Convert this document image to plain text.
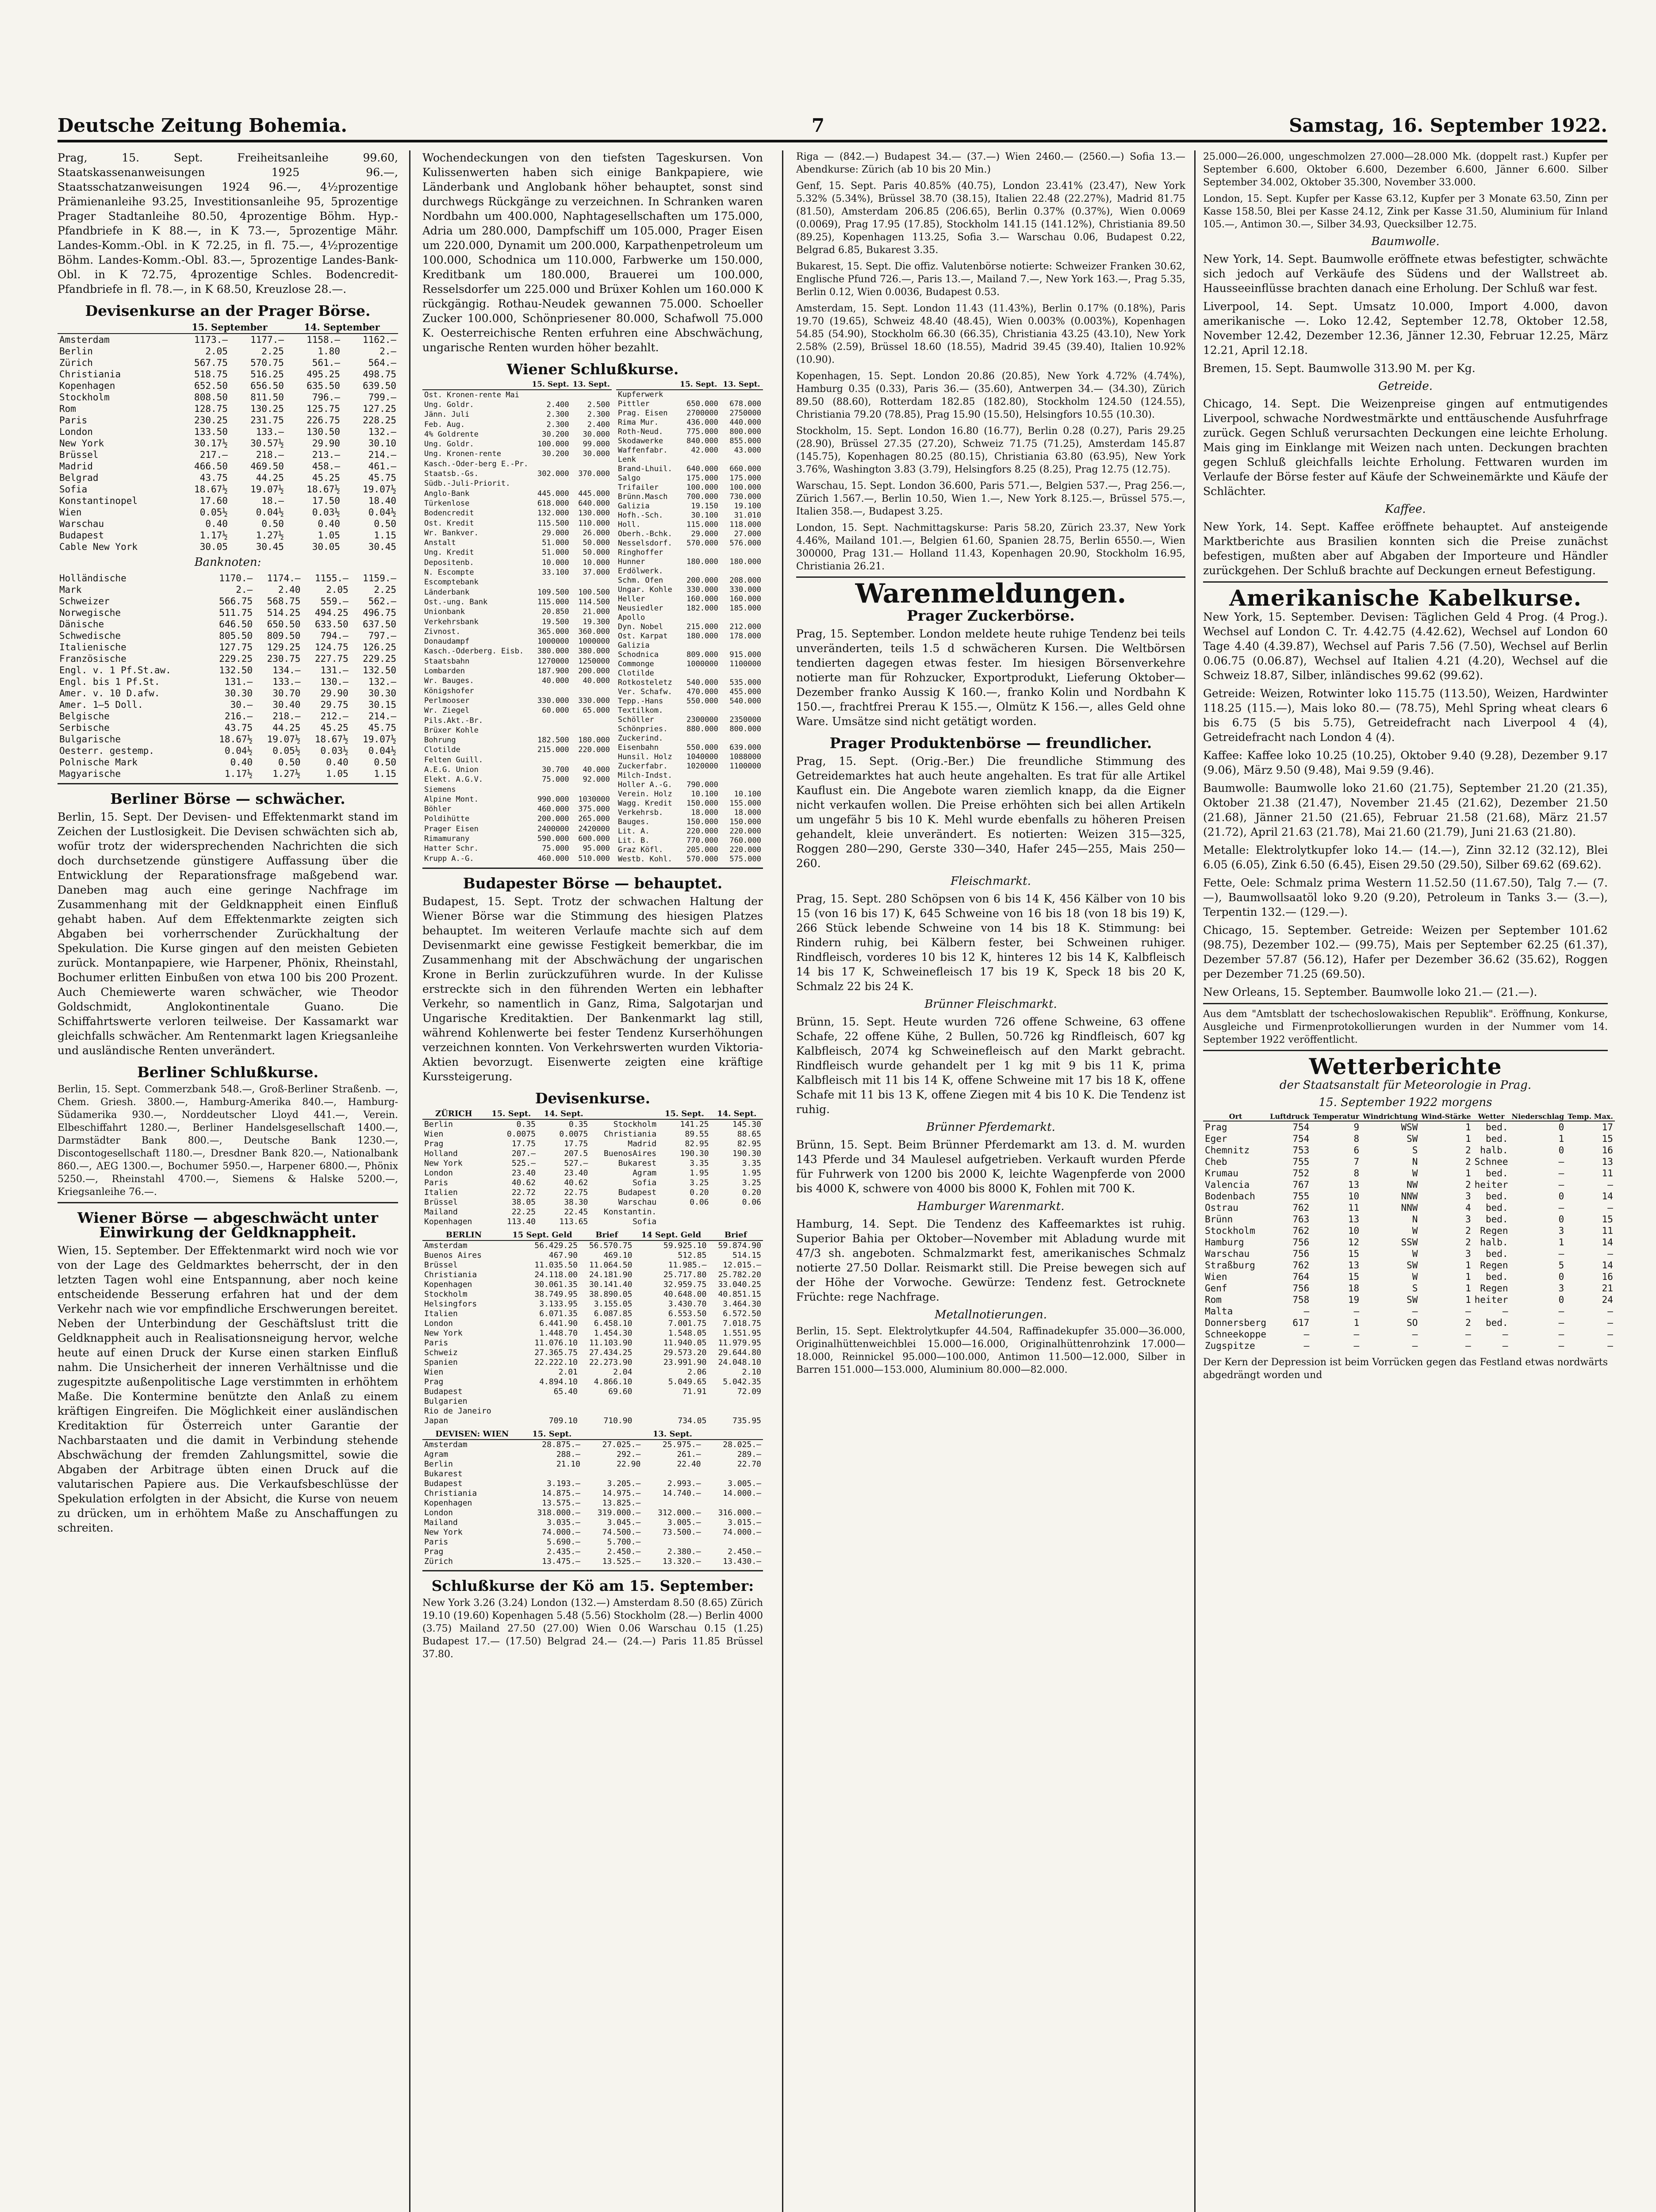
Deutsche Zeitung Bohemia.	7	Samstag, 16. September 1922.

Prag, 15. Sept. Freiheitsanleihe 99.60, Staatskassenanweisungen 1925 96.—, Staatsschatzanweisungen 1924 96.—, 4½prozentige Prämienanleihe 93.25, Investitionsanleihe 95, 5prozentige Prager Stadtanleihe 80.50, 4prozentige Böhm. Hyp.-Pfandbriefe in K 88.—, in K 73.—, 5prozentige Mähr. Landes-Komm.-Obl. in K 72.25, in fl. 75.—, 4½prozentige Böhm. Landes-Komm.-Obl. 83.—, 5prozentige Landes-Bank-Obl. in K 72.75, 4prozentige Schles. Bodencredit-Pfandbriefe in fl. 78.—, in K 68.50, Kreuzlose 28.—.

Devisenkurse an der Prager Börse.
	15. September		14. September	
Amsterdam	1173.—	1177.—	1158.—	1162.—
Berlin	2.05	2.25	1.80	2.—
Zürich	567.75	570.75	561.—	564.—
Christiania	518.75	516.25	495.25	498.75
Kopenhagen	652.50	656.50	635.50	639.50
Stockholm	808.50	811.50	796.—	799.—
Rom	128.75	130.25	125.75	127.25
Paris	230.25	231.75	226.75	228.25
London	133.50	133.—	130.50	132.—
New York	30.17½	30.57½	29.90	30.10
Brüssel	217.—	218.—	213.—	214.—
Madrid	466.50	469.50	458.—	461.—
Belgrad	43.75	44.25	45.25	45.75
Sofia	18.67½	19.07½	18.67½	19.07½
Konstantinopel	17.60	18.—	17.50	18.40
Wien	0.05½	0.04½	0.03½	0.04½
Warschau	0.40	0.50	0.40	0.50
Budapest	1.17½	1.27½	1.05	1.15
Cable New York	30.05	30.45	30.05	30.45
Banknoten:
Holländische	1170.—	1174.—	1155.—	1159.—
Mark	2.—	2.40	2.05	2.25
Schweizer	566.75	568.75	559.—	562.—
Norwegische	511.75	514.25	494.25	496.75
Dänische	646.50	650.50	633.50	637.50
Schwedische	805.50	809.50	794.—	797.—
Italienische	127.75	129.25	124.75	126.25
Französische	229.25	230.75	227.75	229.25
Engl. v. 1 Pf.St.aw.	132.50	134.—	131.—	132.50
Engl. bis 1 Pf.St.	131.—	133.—	130.—	132.—
Amer. v. 10 D.afw.	30.30	30.70	29.90	30.30
Amer. 1—5 Doll.	30.—	30.40	29.75	30.15
Belgische	216.—	218.—	212.—	214.—
Serbische	43.75	44.25	45.25	45.75
Bulgarische	18.67½	19.07½	18.67½	19.07½
Oesterr. gestemp.	0.04½	0.05½	0.03½	0.04½
Polnische Mark	0.40	0.50	0.40	0.50
Magyarische	1.17½	1.27½	1.05	1.15
Berliner Börse — schwächer.

Berlin, 15. Sept. Der Devisen- und Effektenmarkt stand im Zeichen der Lustlosigkeit. Die Devisen schwächten sich ab, wofür trotz der widersprechenden Nachrichten die sich doch durchsetzende günstigere Auffassung über die Entwicklung der Reparationsfrage maßgebend war. Daneben mag auch eine geringe Nachfrage im Zusammenhang mit der Geldknappheit einen Einfluß gehabt haben. Auf dem Effektenmarkte zeigten sich Abgaben bei vorherrschender Zurückhaltung der Spekulation. Die Kurse gingen auf den meisten Gebieten zurück. Montanpapiere, wie Harpener, Phönix, Rheinstahl, Bochumer erlitten Einbußen von etwa 100 bis 200 Prozent. Auch Chemiewerte waren schwächer, wie Theodor Goldschmidt, Anglokontinentale Guano. Die Schiffahrtswerte verloren teilweise. Der Kassamarkt war gleichfalls schwächer. Am Rentenmarkt lagen Kriegsanleihe und ausländische Renten unverändert.

Berliner Schlußkurse.

Berlin, 15. Sept. Commerzbank 548.—, Groß-Berliner Straßenb. —, Chem. Griesh. 3800.—, Hamburg-Amerika 840.—, Hamburg-Südamerika 930.—, Norddeutscher Lloyd 441.—, Verein. Elbeschiffahrt 1280.—, Berliner Handelsgesellschaft 1400.—, Darmstädter Bank 800.—, Deutsche Bank 1230.—, Discontogesellschaft 1180.—, Dresdner Bank 820.—, Nationalbank 860.—, AEG 1300.—, Bochumer 5950.—, Harpener 6800.—, Phönix 5250.—, Rheinstahl 4700.—, Siemens & Halske 5200.—, Kriegsanleihe 76.—.

Wiener Börse — abgeschwächt unter Einwirkung der Geldknappheit.

Wien, 15. September. Der Effektenmarkt wird noch wie vor von der Lage des Geldmarktes beherrscht, der in den letzten Tagen wohl eine Entspannung, aber noch keine entscheidende Besserung erfahren hat und der dem Verkehr nach wie vor empfindliche Erschwerungen bereitet. Neben der Unterbindung der Geschäftslust tritt die Geldknappheit auch in Realisationsneigung hervor, welche heute auf einen Druck der Kurse einen starken Einfluß nahm. Die Unsicherheit der inneren Verhältnisse und die zugespitzte außenpolitische Lage verstimmten in erhöhtem Maße. Die Kontermine benützte den Anlaß zu einem kräftigen Eingreifen. Die Möglichkeit einer ausländischen Kreditaktion für Österreich unter Garantie der Nachbarstaaten und die damit in Verbindung stehende Abschwächung der fremden Zahlungsmittel, sowie die Abgaben der Arbitrage übten einen Druck auf die valutarischen Papiere aus. Die Verkaufsbeschlüsse der Spekulation erfolgten in der Absicht, die Kurse von neuem zu drücken, um in erhöhtem Maße zu Anschaffungen zu schreiten.

Wochendeckungen von den tiefsten Tageskursen. Von Kulissenwerten haben sich einige Bankpapiere, wie Länderbank und Anglobank höher behauptet, sonst sind durchwegs Rückgänge zu verzeichnen. In Schranken waren Nordbahn um 400.000, Naphtagesellschaften um 175.000, Adria um 280.000, Dampfschiff um 105.000, Prager Eisen um 220.000, Dynamit um 200.000, Karpathenpetroleum um 100.000, Schodnica um 110.000, Farbwerke um 150.000, Kreditbank um 180.000, Brauerei um 100.000, Resselsdorfer um 225.000 und Brüxer Kohlen um 160.000 K rückgängig. Rothau-Neudek gewannen 75.000. Schoeller Zucker 100.000, Schönpriesener 80.000, Schafwoll 75.000 K. Oesterreichische Renten erfuhren eine Abschwächung, ungarische Renten wurden höher bezahlt.

Wiener Schlußkurse.
	15. Sept.	13. Sept.
Ost. Kronen-rente Mai		
Ung. Goldr.	2.400	2.500
Jänn. Juli	2.300	2.300
Feb. Aug.	2.300	2.400
4% Goldrente	30.200	30.000
Ung. Goldr.	100.000	99.000
Ung. Kronen-rente	30.200	30.000
Kasch.-Oder-berg E.-Pr.		
Staatsb.-Gs.	302.000	370.000
Südb.-Juli-Priorit.		
Anglo-Bank	445.000	445.000
Türkenlose	618.000	640.000
Bodencredit	132.000	130.000
Ost. Kredit	115.500	110.000
Wr. Bankver.	29.000	26.000
Anstalt	51.000	50.000
Ung. Kredit	51.000	50.000
Depositenb.	10.000	10.000
N. Escompte	33.100	37.000
Escomptebank		
Länderbank	109.500	100.500
Ost.-ung. Bank	115.000	114.500
Unionbank	20.850	21.000
Verkehrsbank	19.500	19.300
Zivnost.	365.000	360.000
Donaudampf	1000000	1000000
Kasch.-Oderberg. Eisb.	380.000	380.000
Staatsbahn	1270000	1250000
Lombarden	187.900	200.000
Wr. Bauges.	40.000	40.000
Königshofer		
Perlmooser	330.000	330.000
Wr. Ziegel	60.000	65.000
Pils.Akt.-Br.		
Brüxer Kohle		
Bohrung	182.500	180.000
Clotilde	215.000	220.000
Felten Guill.		
A.E.G. Union	30.700	40.000
Elekt. A.G.V.	75.000	92.000
Siemens		
Alpine Mont.	990.000	1030000
Böhler	460.000	375.000
Poldihütte	200.000	265.000
Prager Eisen	2400000	2420000
Rimamurany	590.000	600.000
Hatter Schr.	75.000	95.000
Krupp A.-G.	460.000	510.000
	15. Sept.	13. Sept.
Kupferwerk		
Pittler	650.000	678.000
Prag. Eisen	2700000	2750000
Rima Mur.	436.000	440.000
Roth-Neud.	775.000	800.000
Skodawerke	840.000	855.000
Waffenfabr.	42.000	43.000
Lenk		
Brand-Lhuil.	640.000	660.000
Salgo	175.000	175.000
Trifailer	100.000	100.000
Brünn.Masch	700.000	730.000
Galizia	19.150	19.100
Hofh.-Sch.	30.100	31.010
Holl.	115.000	118.000
Oberh.-Bchk.	29.000	27.000
Nesselsdorf.	570.000	576.000
Ringhoffer		
Hunner	180.000	180.000
Erdölwerk.		
Schm. Ofen	200.000	208.000
Ungar. Kohle	330.000	330.000
Heller	160.000	160.000
Neusiedler	182.000	185.000
Apollo		
Dyn. Nobel	215.000	212.000
Ost. Karpat	180.000	178.000
Galizia		
Schodnica	809.000	915.000
Commonge	1000000	1100000
Clotilde		
Rotkosteletz	540.000	535.000
Ver. Schafw.	470.000	455.000
Tepp.-Hans	550.000	540.000
Textilkom.		
Schöller	2300000	2350000
Schönpries.	880.000	800.000
Zuckerind.		
Eisenbahn	550.000	639.000
Hunsil. Holz	1040000	1088000
Zuckerfabr.	1020000	1100000
Milch-Indst.		
Holler A.-G.	790.000	
Verein. Holz	10.100	10.100
Wagg. Kredit	150.000	155.000
Verkehrsb.	18.000	18.000
Bauges.	150.000	150.000
Lit. A.	220.000	220.000
Lit. B.	770.000	760.000
Graz Köfl.	205.000	220.000
Westb. Kohl.	570.000	575.000
Budapester Börse — behauptet.

Budapest, 15. Sept. Trotz der schwachen Haltung der Wiener Börse war die Stimmung des hiesigen Platzes behauptet. Im weiteren Verlaufe machte sich auf dem Devisenmarkt eine gewisse Festigkeit bemerkbar, die im Zusammenhang mit der Abschwächung der ungarischen Krone in Berlin zurückzuführen wurde. In der Kulisse erstreckte sich in den führenden Werten ein lebhafter Verkehr, so namentlich in Ganz, Rima, Salgotarjan und Ungarische Kreditaktien. Der Bankenmarkt lag still, während Kohlenwerte bei fester Tendenz Kurserhöhungen verzeichnen konnten. Von Verkehrswerten wurden Viktoria-Aktien bevorzugt. Eisenwerte zeigten eine kräftige Kurssteigerung.

Devisenkurse.
ZÜRICH	15. Sept.	14. Sept.		15. Sept.	14. Sept.
Berlin	0.35	0.35	Stockholm	141.25	145.30
Wien	0.0075	0.0075	Christiania	89.55	88.65
Prag	17.75	17.75	Madrid	82.95	82.95
Holland	207.—	207.5	BuenosAires	190.30	190.30
New York	525.—	527.—	Bukarest	3.35	3.35
London	23.40	23.40	Agram	1.95	1.95
Paris	40.62	40.62	Sofia	3.25	3.25
Italien	22.72	22.75	Budapest	0.20	0.20
Brüssel	38.05	38.30	Warschau	0.06	0.06
Mailand	22.25	22.45	Konstantin.		
Kopenhagen	113.40	113.65	Sofia		
BERLIN	15 Sept. Geld	Brief	14 Sept. Geld	Brief
Amsterdam	56.429.25	56.570.75	59.925.10	59.874.90
Buenos Aires	467.90	469.10	512.85	514.15
Brüssel	11.035.50	11.064.50	11.985.—	12.015.—
Christiania	24.118.00	24.181.90	25.717.80	25.782.20
Kopenhagen	30.061.35	30.141.40	32.959.75	33.040.25
Stockholm	38.749.95	38.890.05	40.648.00	40.851.15
Helsingfors	3.133.95	3.155.05	3.430.70	3.464.30
Italien	6.071.35	6.087.85	6.553.50	6.572.50
London	6.441.90	6.458.10	7.001.75	7.018.75
New York	1.448.70	1.454.30	1.548.05	1.551.95
Paris	11.076.10	11.103.90	11.940.05	11.979.95
Schweiz	27.365.75	27.434.25	29.573.20	29.644.80
Spanien	22.222.10	22.273.90	23.991.90	24.048.10
Wien	2.01	2.04	2.06	2.10
Prag	4.894.10	4.866.10	5.049.65	5.042.35
Budapest	65.40	69.60	71.91	72.09
Bulgarien				
Rio de Janeiro				
Japan	709.10	710.90	734.05	735.95
DEVISEN: WIEN	15. Sept.		13. Sept.	
Amsterdam	28.875.—	27.025.—	25.975.—	28.025.—
Agram	288.—	292.—	261.—	289.—
Berlin	21.10	22.90	22.40	22.70
Bukarest				
Budapest	3.193.—	3.205.—	2.993.—	3.005.—
Christiania	14.875.—	14.975.—	14.740.—	14.000.—
Kopenhagen	13.575.—	13.825.—		
London	318.000.—	319.000.—	312.000.—	316.000.—
Mailand	3.035.—	3.045.—	3.005.—	3.015.—
New York	74.000.—	74.500.—	73.500.—	74.000.—
Paris	5.690.—	5.700.—		
Prag	2.435.—	2.450.—	2.380.—	2.450.—
Zürich	13.475.—	13.525.—	13.320.—	13.430.—
Schlußkurse der Kö am 15. September:

New York 3.26 (3.24) London (132.—) Amsterdam 8.50 (8.65) Zürich 19.10 (19.60) Kopenhagen 5.48 (5.56) Stockholm (28.—) Berlin 4000 (3.75) Mailand 27.50 (27.00) Wien 0.06 Warschau 0.15 (1.25) Budapest 17.— (17.50) Belgrad 24.— (24.—) Paris 11.85 Brüssel 37.80.

Riga — (842.—) Budapest 34.— (37.—) Wien 2460.— (2560.—) Sofia 13.— Abendkurse: Zürich (ab 10 bis 20 Min.)

Genf, 15. Sept. Paris 40.85% (40.75), London 23.41% (23.47), New York 5.32% (5.34%), Brüssel 38.70 (38.15), Italien 22.48 (22.27%), Madrid 81.75 (81.50), Amsterdam 206.85 (206.65), Berlin 0.37% (0.37%), Wien 0.0069 (0.0069), Prag 17.95 (17.85), Stockholm 141.15 (141.12%), Christiania 89.50 (89.25), Kopenhagen 113.25, Sofia 3.— Warschau 0.06, Budapest 0.22, Belgrad 6.85, Bukarest 3.35.

Bukarest, 15. Sept. Die offiz. Valutenbörse notierte: Schweizer Franken 30.62, Englische Pfund 726.—, Paris 13.—, Mailand 7.—, New York 163.—, Prag 5.35, Berlin 0.12, Wien 0.0036, Budapest 0.53.

Amsterdam, 15. Sept. London 11.43 (11.43%), Berlin 0.17% (0.18%), Paris 19.70 (19.65), Schweiz 48.40 (48.45), Wien 0.003% (0.003%), Kopenhagen 54.85 (54.90), Stockholm 66.30 (66.35), Christiania 43.25 (43.10), New York 2.58% (2.59), Brüssel 18.60 (18.55), Madrid 39.45 (39.40), Italien 10.92% (10.90).

Kopenhagen, 15. Sept. London 20.86 (20.85), New York 4.72% (4.74%), Hamburg 0.35 (0.33), Paris 36.— (35.60), Antwerpen 34.— (34.30), Zürich 89.50 (88.60), Rotterdam 182.85 (182.80), Stockholm 124.50 (124.55), Christiania 79.20 (78.85), Prag 15.90 (15.50), Helsingfors 10.55 (10.30).

Stockholm, 15. Sept. London 16.80 (16.77), Berlin 0.28 (0.27), Paris 29.25 (28.90), Brüssel 27.35 (27.20), Schweiz 71.75 (71.25), Amsterdam 145.87 (145.75), Kopenhagen 80.25 (80.15), Christiania 63.80 (63.95), New York 3.76%, Washington 3.83 (3.79), Helsingfors 8.25 (8.25), Prag 12.75 (12.75).

Warschau, 15. Sept. London 36.600, Paris 571.—, Belgien 537.—, Prag 256.—, Zürich 1.567.—, Berlin 10.50, Wien 1.—, New York 8.125.—, Brüssel 575.—, Italien 358.—, Budapest 3.25.

London, 15. Sept. Nachmittagskurse: Paris 58.20, Zürich 23.37, New York 4.46%, Mailand 101.—, Belgien 61.60, Spanien 28.75, Berlin 6550.—, Wien 300000, Prag 131.— Holland 11.43, Kopenhagen 20.90, Stockholm 16.95, Christiania 26.21.

Warenmeldungen.
Prager Zuckerbörse.

Prag, 15. September. London meldete heute ruhige Tendenz bei teils unveränderten, teils 1.5 d schwächeren Kursen. Die Weltbörsen tendierten dagegen etwas fester. Im hiesigen Börsenverkehre notierte man für Rohzucker, Exportprodukt, Lieferung Oktober—Dezember franko Aussig K 160.—, franko Kolin und Nordbahn K 150.—, frachtfrei Prerau K 155.—, Olmütz K 156.—, alles Geld ohne Ware. Umsätze sind nicht getätigt worden.

Prager Produktenbörse — freundlicher.

Prag, 15. Sept. (Orig.-Ber.) Die freundliche Stimmung des Getreidemarktes hat auch heute angehalten. Es trat für alle Artikel Kauflust ein. Die Angebote waren ziemlich knapp, da die Eigner nicht verkaufen wollen. Die Preise erhöhten sich bei allen Artikeln um ungefähr 5 bis 10 K. Mehl wurde ebenfalls zu höheren Preisen gehandelt, kleie unverändert. Es notierten: Weizen 315—325, Roggen 280—290, Gerste 330—340, Hafer 245—255, Mais 250—260.

Fleischmarkt.

Prag, 15. Sept. 280 Schöpsen von 6 bis 14 K, 456 Kälber von 10 bis 15 (von 16 bis 17) K, 645 Schweine von 16 bis 18 (von 18 bis 19) K, 266 Stück lebende Schweine von 14 bis 18 K. Stimmung: bei Rindern ruhig, bei Kälbern fester, bei Schweinen ruhiger. Rindfleisch, vorderes 10 bis 12 K, hinteres 12 bis 14 K, Kalbfleisch 14 bis 17 K, Schweinefleisch 17 bis 19 K, Speck 18 bis 20 K, Schmalz 22 bis 24 K.

Brünner Fleischmarkt.

Brünn, 15. Sept. Heute wurden 726 offene Schweine, 63 offene Schafe, 22 offene Kühe, 2 Bullen, 50.726 kg Rindfleisch, 607 kg Kalbfleisch, 2074 kg Schweinefleisch auf den Markt gebracht. Rindfleisch wurde gehandelt per 1 kg mit 9 bis 11 K, prima Kalbfleisch mit 11 bis 14 K, offene Schweine mit 17 bis 18 K, offene Schafe mit 11 bis 13 K, offene Ziegen mit 4 bis 10 K. Die Tendenz ist ruhig.

Brünner Pferdemarkt.

Brünn, 15. Sept. Beim Brünner Pferdemarkt am 13. d. M. wurden 143 Pferde und 34 Maulesel aufgetrieben. Verkauft wurden Pferde für Fuhrwerk von 1200 bis 2000 K, leichte Wagenpferde von 2000 bis 4000 K, schwere von 4000 bis 8000 K, Fohlen mit 700 K.

Hamburger Warenmarkt.

Hamburg, 14. Sept. Die Tendenz des Kaffeemarktes ist ruhig. Superior Bahia per Oktober—November mit Abladung wurde mit 47/3 sh. angeboten. Schmalzmarkt fest, amerikanisches Schmalz notierte 27.50 Dollar. Reismarkt still. Die Preise bewegen sich auf der Höhe der Vorwoche. Gewürze: Tendenz fest. Getrocknete Früchte: rege Nachfrage.

Metallnotierungen.

Berlin, 15. Sept. Elektrolytkupfer 44.504, Raffinadekupfer 35.000—36.000, Originalhüttenweichblei 15.000—16.000, Originalhüttenrohzink 17.000—18.000, Reinnickel 95.000—100.000, Antimon 11.500—12.000, Silber in Barren 151.000—153.000, Aluminium 80.000—82.000.

25.000—26.000, ungeschmolzen 27.000—28.000 Mk. (doppelt rast.) Kupfer per September 6.600, Oktober 6.600, Dezember 6.600, Jänner 6.600. Silber September 34.002, Oktober 35.300, November 33.000.

London, 15. Sept. Kupfer per Kasse 63.12, Kupfer per 3 Monate 63.50, Zinn per Kasse 158.50, Blei per Kasse 24.12, Zink per Kasse 31.50, Aluminium für Inland 105.—, Antimon 30.—, Silber 34.93, Quecksilber 12.75.

Baumwolle.

New York, 14. Sept. Baumwolle eröffnete etwas befestigter, schwächte sich jedoch auf Verkäufe des Südens und der Wallstreet ab. Hausseeinflüsse brachten danach eine Erholung. Der Schluß war fest.

Liverpool, 14. Sept. Umsatz 10.000, Import 4.000, davon amerikanische —. Loko 12.42, September 12.78, Oktober 12.58, November 12.42, Dezember 12.36, Jänner 12.30, Februar 12.25, März 12.21, April 12.18.

Bremen, 15. Sept. Baumwolle 313.90 M. per Kg.

Getreide.

Chicago, 14. Sept. Die Weizenpreise gingen auf entmutigendes Liverpool, schwache Nordwestmärkte und enttäuschende Ausfuhrfrage zurück. Gegen Schluß verursachten Deckungen eine leichte Erholung. Mais ging im Einklange mit Weizen nach unten. Deckungen brachten gegen Schluß gleichfalls leichte Erholung. Fettwaren wurden im Verlaufe der Börse fester auf Käufe der Schweinemärkte und Käufe der Schlächter.

Kaffee.

New York, 14. Sept. Kaffee eröffnete behauptet. Auf ansteigende Marktberichte aus Brasilien konnten sich die Preise zunächst befestigen, mußten aber auf Abgaben der Importeure und Händler zurückgehen. Der Schluß brachte auf Deckungen erneut Befestigung.

Amerikanische Kabelkurse.

New York, 15. September. Devisen: Täglichen Geld 4 Prog. (4 Prog.). Wechsel auf London C. Tr. 4.42.75 (4.42.62), Wechsel auf London 60 Tage 4.40 (4.39.87), Wechsel auf Paris 7.56 (7.50), Wechsel auf Berlin 0.06.75 (0.06.87), Wechsel auf Italien 4.21 (4.20), Wechsel auf die Schweiz 18.87, Silber, inländisches 99.62 (99.62).

Getreide: Weizen, Rotwinter loko 115.75 (113.50), Weizen, Hardwinter 118.25 (115.—), Mais loko 80.— (78.75), Mehl Spring wheat clears 6 bis 6.75 (5 bis 5.75), Getreidefracht nach Liverpool 4 (4), Getreidefracht nach London 4 (4).

Kaffee: Kaffee loko 10.25 (10.25), Oktober 9.40 (9.28), Dezember 9.17 (9.06), März 9.50 (9.48), Mai 9.59 (9.46).

Baumwolle: Baumwolle loko 21.60 (21.75), September 21.20 (21.35), Oktober 21.38 (21.47), November 21.45 (21.62), Dezember 21.50 (21.68), Jänner 21.50 (21.65), Februar 21.58 (21.68), März 21.57 (21.72), April 21.63 (21.78), Mai 21.60 (21.79), Juni 21.63 (21.80).

Metalle: Elektrolytkupfer loko 14.— (14.—), Zinn 32.12 (32.12), Blei 6.05 (6.05), Zink 6.50 (6.45), Eisen 29.50 (29.50), Silber 69.62 (69.62).

Fette, Oele: Schmalz prima Western 11.52.50 (11.67.50), Talg 7.— (7.—), Baumwollsaatöl loko 9.20 (9.20), Petroleum in Tanks 3.— (3.—), Terpentin 132.— (129.—).

Chicago, 15. September. Getreide: Weizen per September 101.62 (98.75), Dezember 102.— (99.75), Mais per September 62.25 (61.37), Dezember 57.87 (56.12), Hafer per Dezember 36.62 (35.62), Roggen per Dezember 71.25 (69.50).

New Orleans, 15. September. Baumwolle loko 21.— (21.—).

Aus dem "Amtsblatt der tschechoslowakischen Republik". Eröffnung, Konkurse, Ausgleiche und Firmenprotokollierungen wurden in der Nummer vom 14. September 1922 veröffentlicht.

Wetterberichte
der Staatsanstalt für Meteorologie in Prag.
15. September 1922 morgens
Ort	Luftdruck	Temperatur	Windrichtung	Wind-Stärke	Wetter	Niederschlag	Temp. Max.
Prag	754	9	WSW	1	bed.	0	17
Eger	754	8	SW	1	bed.	1	15
Chemnitz	753	6	S	2	halb.	0	16
Cheb	755	7	N	2	Schnee	—	13
Krumau	752	8	W	1	bed.	—	11
Valencia	767	13	NW	2	heiter	—	—
Bodenbach	755	10	NNW	3	bed.	0	14
Ostrau	762	11	NNW	4	bed.	—	—
Brünn	763	13	N	3	bed.	0	15
Stockholm	762	10	W	2	Regen	3	11
Hamburg	756	12	SSW	2	halb.	1	14
Warschau	756	15	W	3	bed.	—	—
Straßburg	762	13	SW	1	Regen	5	14
Wien	764	15	W	1	bed.	0	16
Genf	756	18	S	1	Regen	3	21
Rom	758	19	SW	1	heiter	0	24
Malta	—	—	—	—	—	—	—
Donnersberg	617	1	SO	2	bed.	—	—
Schneekoppe	—	—	—	—	—	—	—
Zugspitze	—	—	—	—	—	—	—

Der Kern der Depression ist beim Vorrücken gegen das Festland etwas nordwärts abgedrängt worden und
